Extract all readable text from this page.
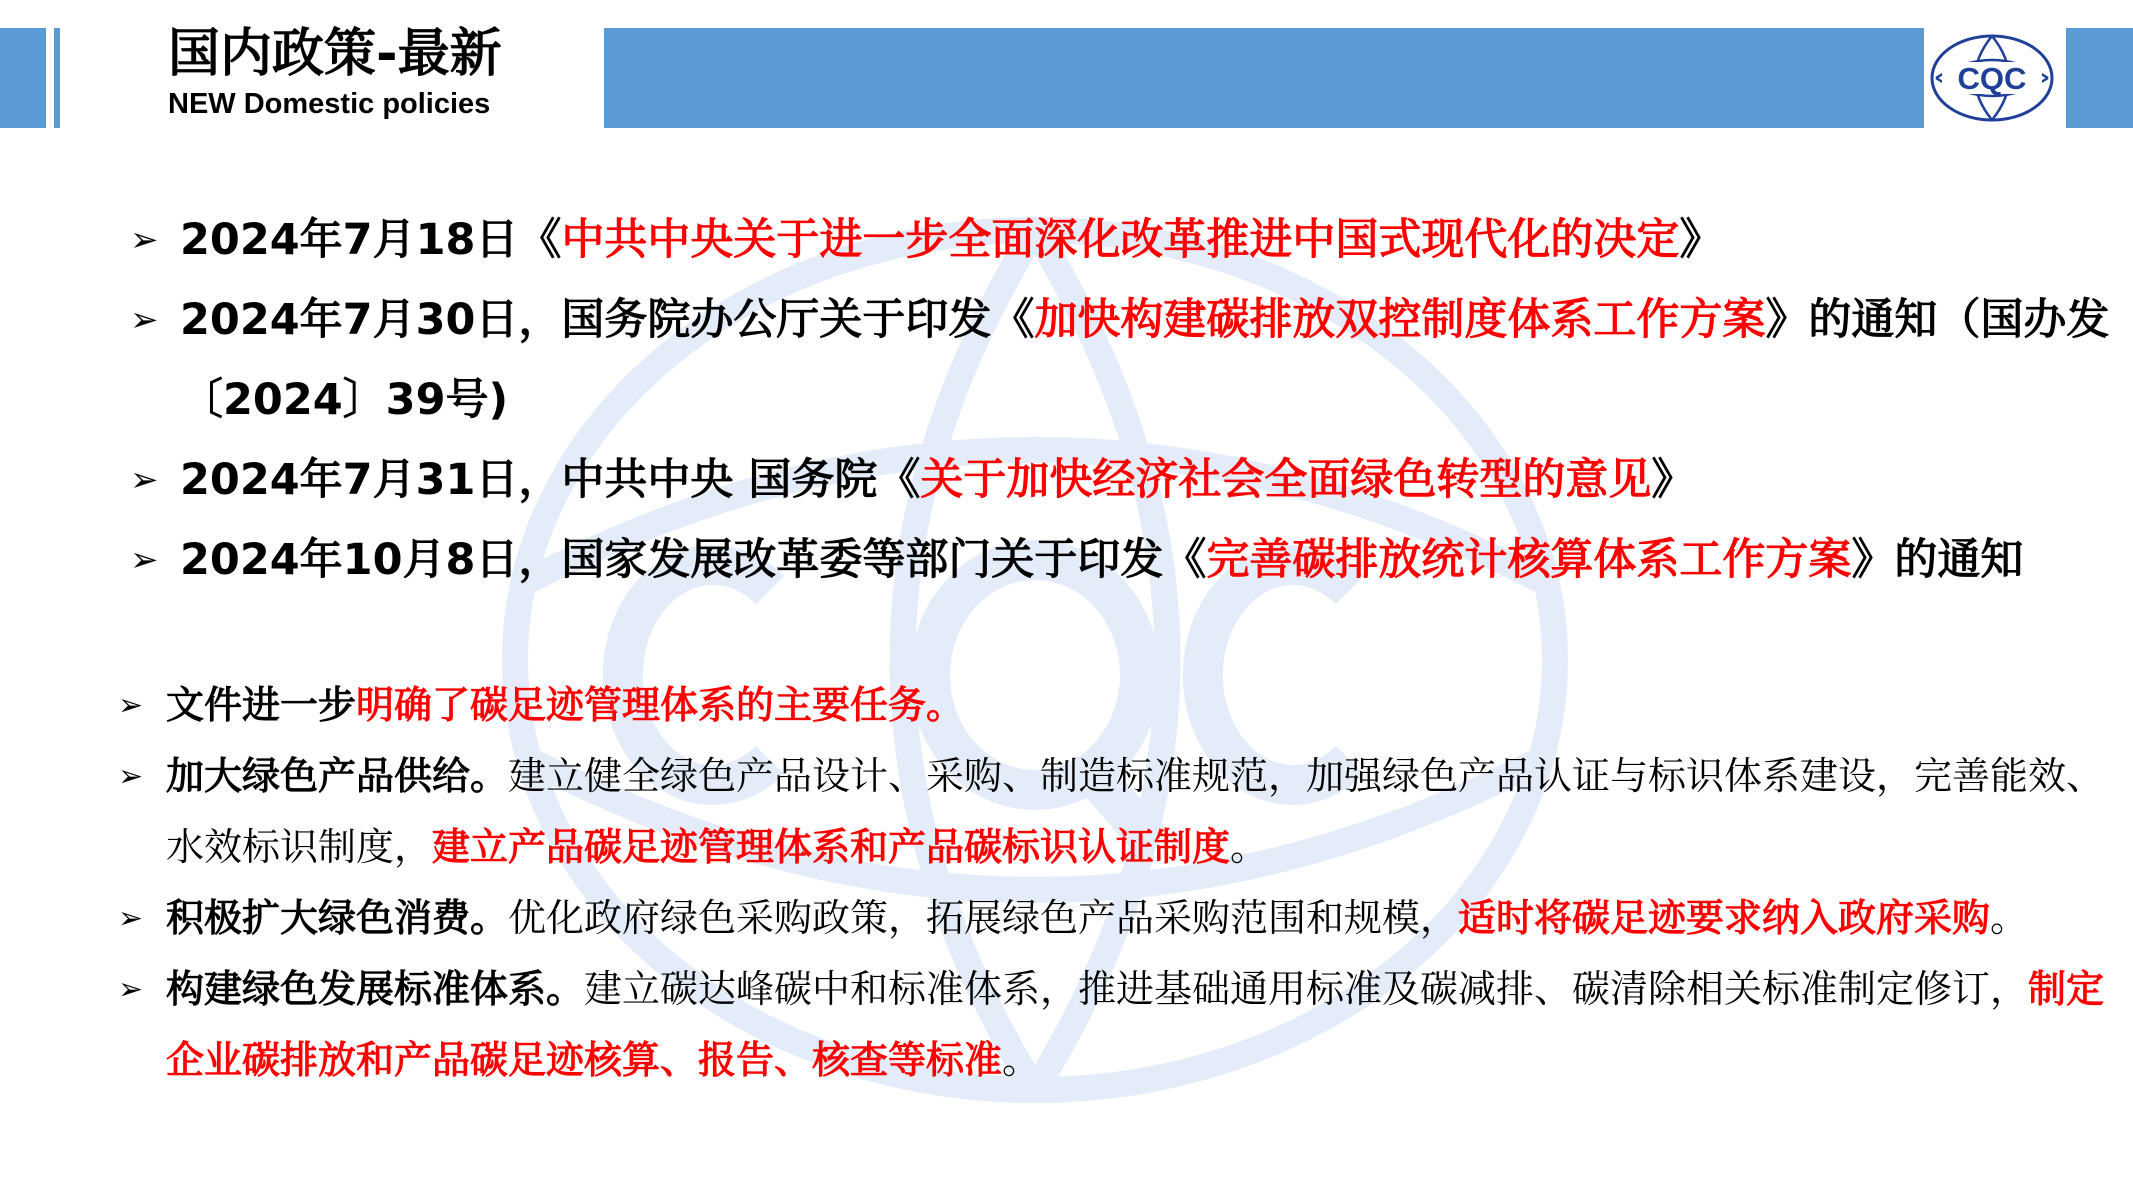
国内政策-最新
NEW Domestic policies
CQC
➢ 2024年7月18日《中共中央关于进一步全面深化改革推进中国式现代化的决定》
➢ 2024年7月30日，国务院办公厅关于印发《加快构建碳排放双控制度体系工作方案》的通知（国办发〔2024〕39号)
➢ 2024年7月31日，中共中央 国务院《关于加快经济社会全面绿色转型的意见》
➢ 2024年10月8日，国家发展改革委等部门关于印发《完善碳排放统计核算体系工作方案》的通知
➢ 文件进一步明确了碳足迹管理体系的主要任务。
➢ 加大绿色产品供给。建立健全绿色产品设计、采购、制造标准规范，加强绿色产品认证与标识体系建设，完善能效、水效标识制度，建立产品碳足迹管理体系和产品碳标识认证制度。
➢ 积极扩大绿色消费。优化政府绿色采购政策，拓展绿色产品采购范围和规模，适时将碳足迹要求纳入政府采购。
➢ 构建绿色发展标准体系。建立碳达峰碳中和标准体系，推进基础通用标准及碳减排、碳清除相关标准制定修订，制定企业碳排放和产品碳足迹核算、报告、核查等标准。
